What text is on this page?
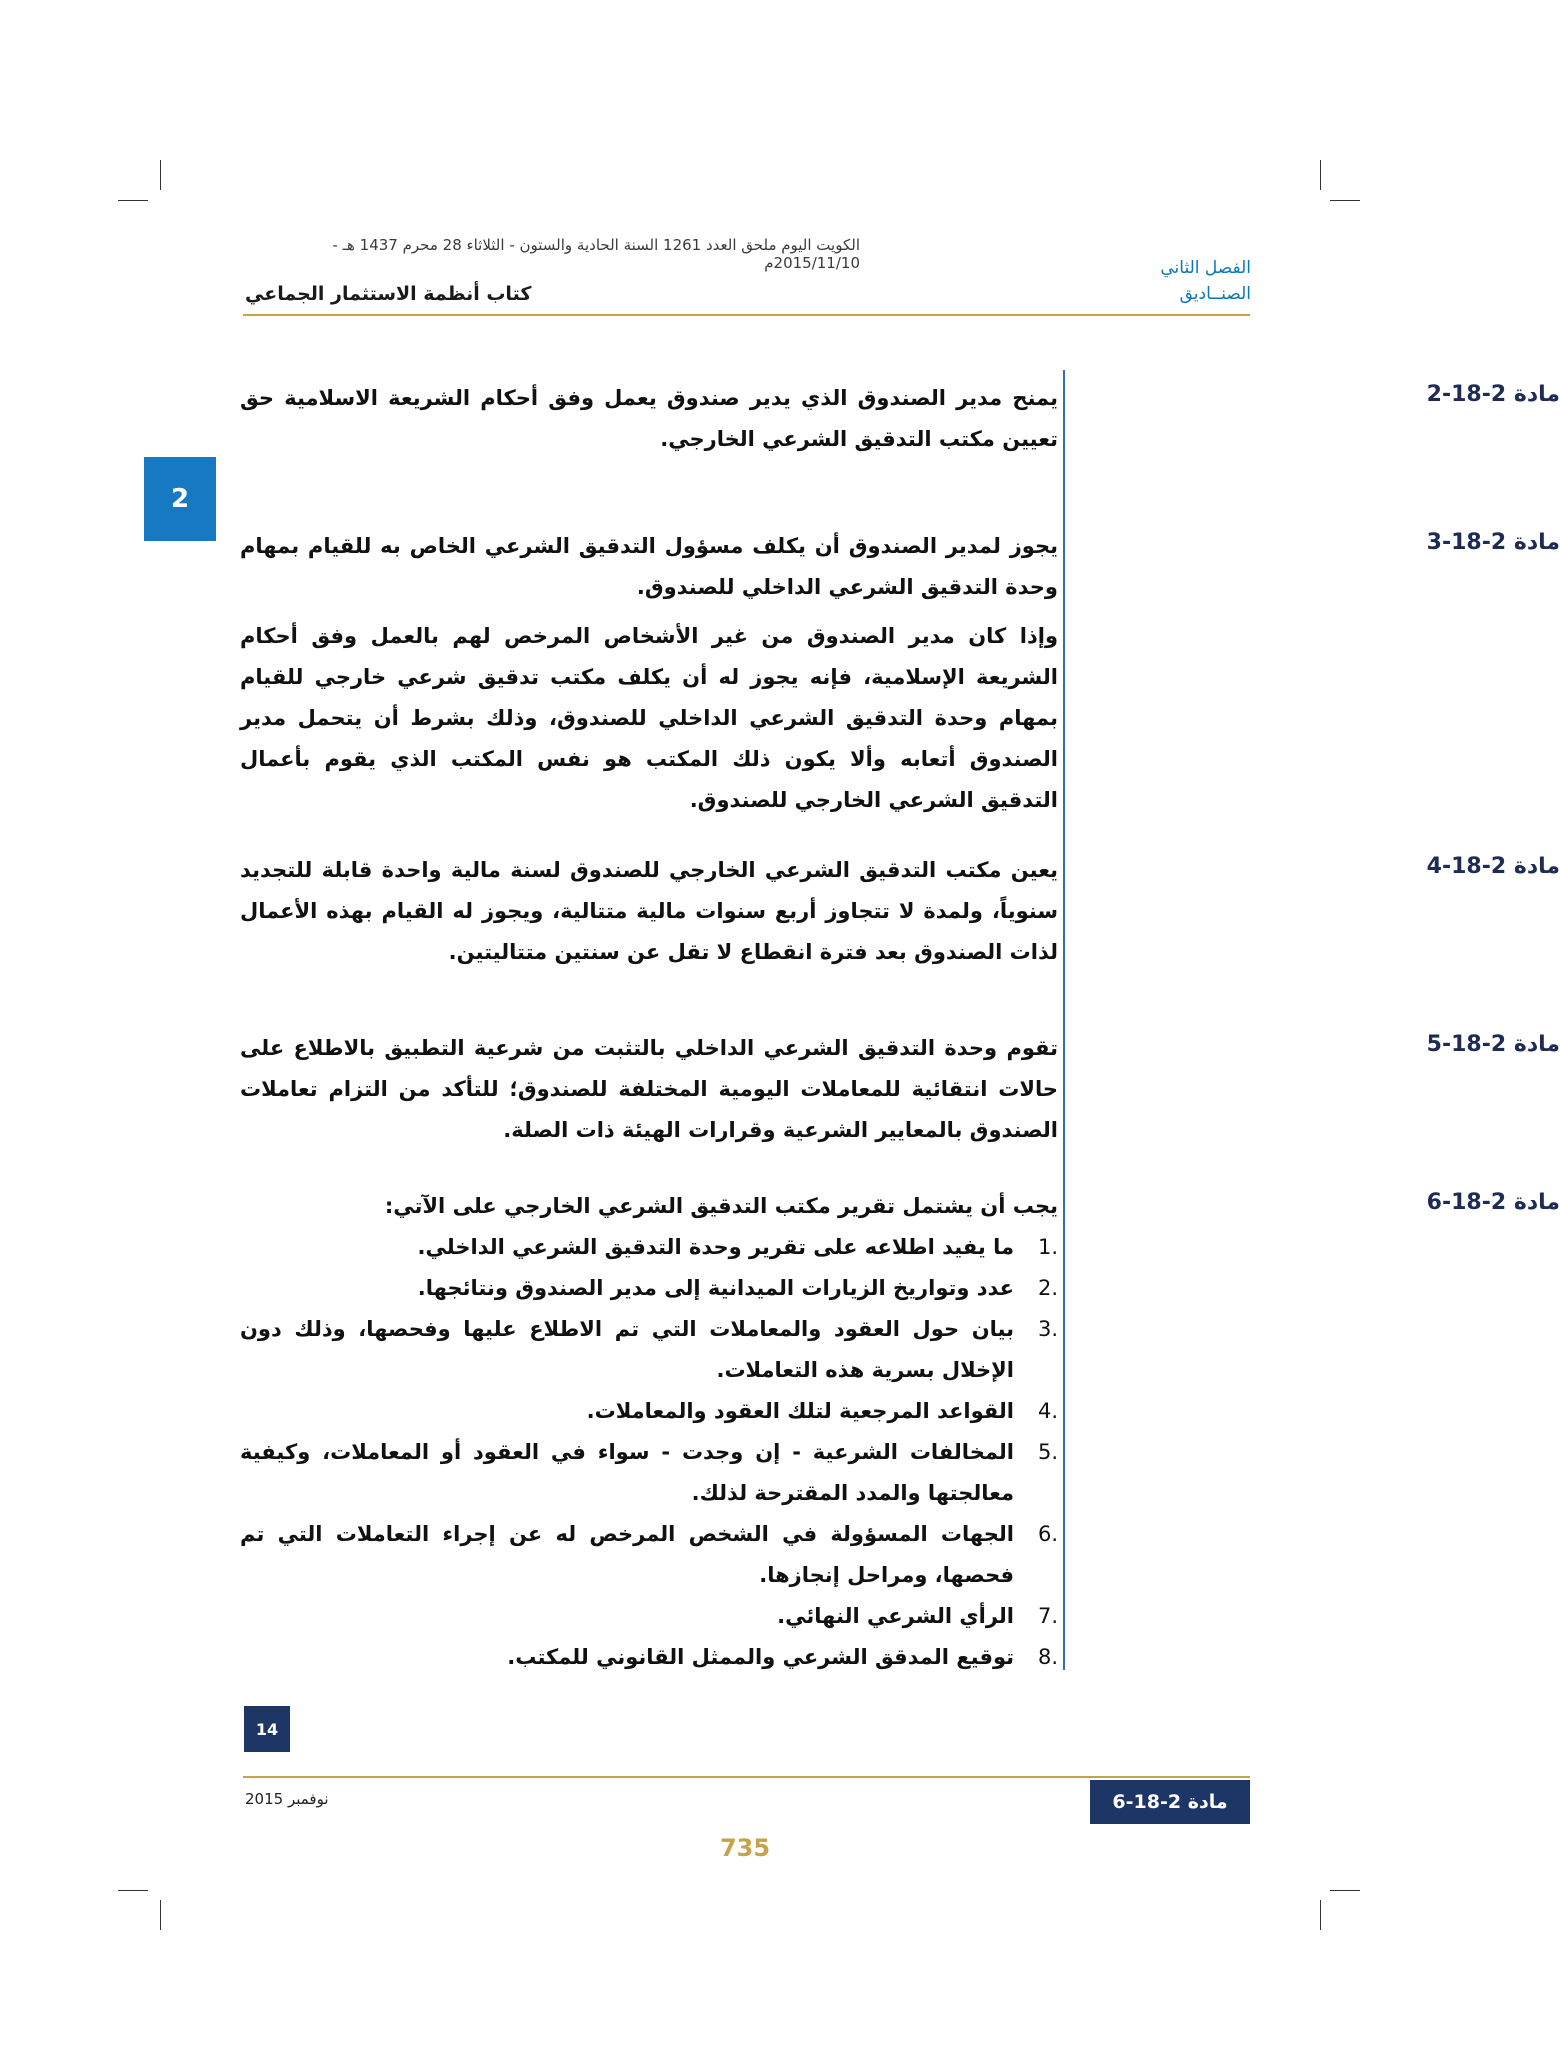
الكويت اليوم ملحق العدد 1261 السنة الحادية والستون - الثلاثاء 28 محرم 1437 هـ - 2015/11/10م	الفصل الثاني
الصنــاديق
كتاب أنظمة الاستثمار الجماعي
2
مادة 2-18-2

يمنح مدير الصندوق الذي يدير صندوق يعمل وفق أحكام الشريعة الاسلامية حق تعيين مكتب التدقيق الشرعي الخارجي.

مادة 2-18-3

يجوز لمدير الصندوق أن يكلف مسؤول التدقيق الشرعي الخاص به للقيام بمهام وحدة التدقيق الشرعي الداخلي للصندوق.

وإذا كان مدير الصندوق من غير الأشخاص المرخص لهم بالعمل وفق أحكام الشريعة الإسلامية، فإنه يجوز له أن يكلف مكتب تدقيق شرعي خارجي للقيام بمهام وحدة التدقيق الشرعي الداخلي للصندوق، وذلك بشرط أن يتحمل مدير الصندوق أتعابه وألا يكون ذلك المكتب هو نفس المكتب الذي يقوم بأعمال التدقيق الشرعي الخارجي للصندوق.

مادة 2-18-4

يعين مكتب التدقيق الشرعي الخارجي للصندوق لسنة مالية واحدة قابلة للتجديد سنوياً، ولمدة لا تتجاوز أربع سنوات مالية متتالية، ويجوز له القيام بهذه الأعمال لذات الصندوق بعد فترة انقطاع لا تقل عن سنتين متتاليتين.

مادة 2-18-5

تقوم وحدة التدقيق الشرعي الداخلي بالتثبت من شرعية التطبيق بالاطلاع على حالات انتقائية للمعاملات اليومية المختلفة للصندوق؛ للتأكد من التزام تعاملات الصندوق بالمعايير الشرعية وقرارات الهيئة ذات الصلة.

مادة 2-18-6

يجب أن يشتمل تقرير مكتب التدقيق الشرعي الخارجي على الآتي:

.1
ما يفيد اطلاعه على تقرير وحدة التدقيق الشرعي الداخلي.
.2
عدد وتواريخ الزيارات الميدانية إلى مدير الصندوق ونتائجها.
.3
بيان حول العقود والمعاملات التي تم الاطلاع عليها وفحصها، وذلك دون الإخلال بسرية هذه التعاملات.
.4
القواعد المرجعية لتلك العقود والمعاملات.
.5
المخالفات الشرعية - إن وجدت - سواء في العقود أو المعاملات، وكيفية معالجتها والمدد المقترحة لذلك.
.6
الجهات المسؤولة في الشخص المرخص له عن إجراء التعاملات التي تم فحصها، ومراحل إنجازها.
.7
الرأي الشرعي النهائي.
.8
توقيع المدقق الشرعي والممثل القانوني للمكتب.
14
نوفمبر 2015	مادة 2-18-6
735
